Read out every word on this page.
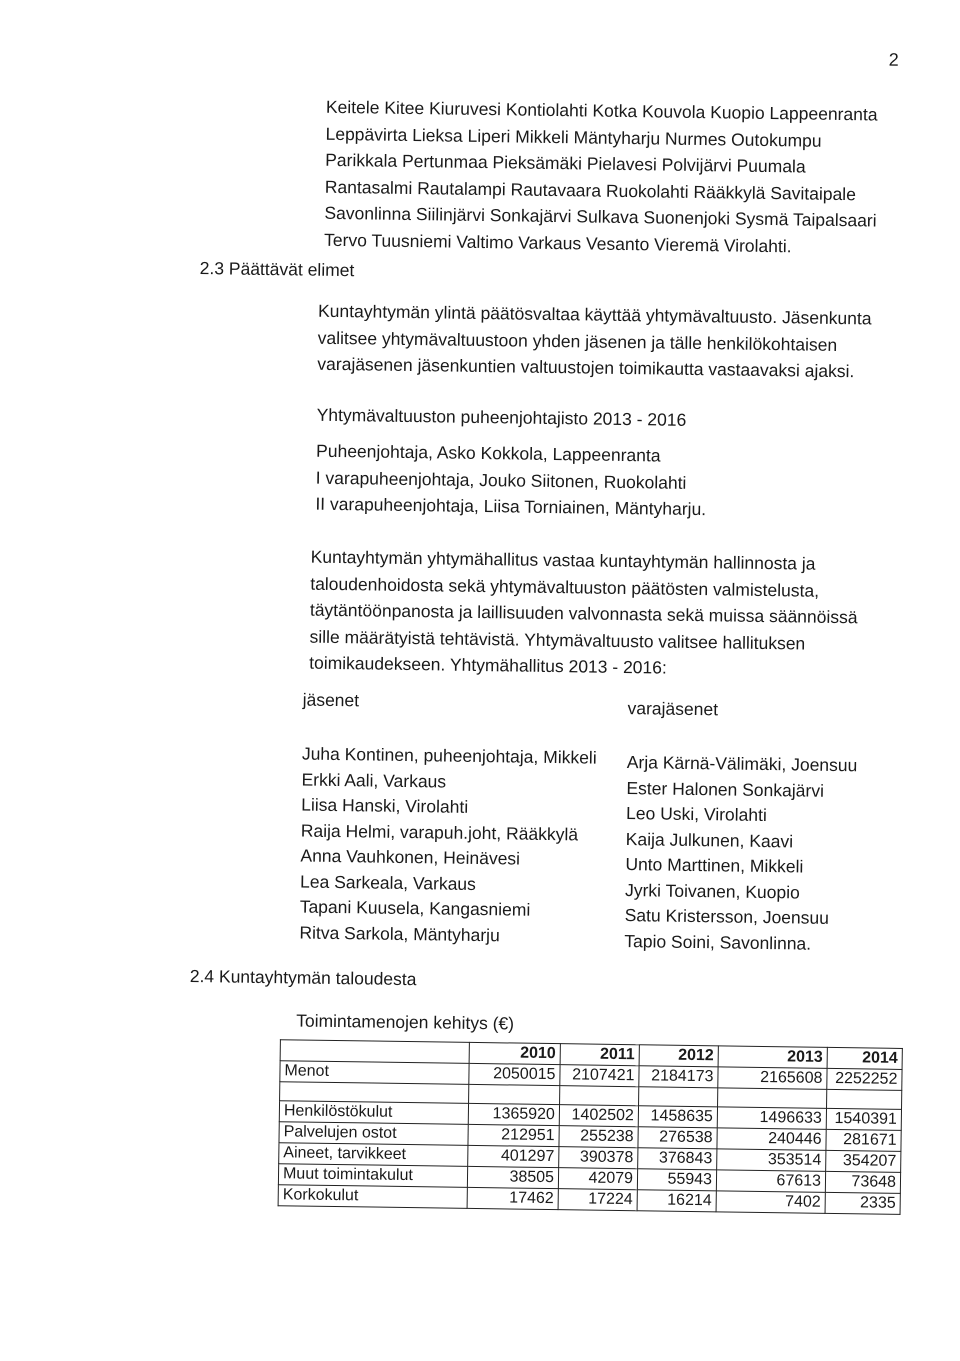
2
Keitele Kitee Kiuruvesi Kontiolahti Kotka Kouvola Kuopio Lappeenranta
Leppävirta Lieksa Liperi Mikkeli Mäntyharju Nurmes Outokumpu
Parikkala Pertunmaa Pieksämäki Pielavesi Polvijärvi Puumala
Rantasalmi Rautalampi Rautavaara Ruokolahti Rääkkylä Savitaipale
Savonlinna Siilinjärvi Sonkajärvi Sulkava Suonenjoki Sysmä Taipalsaari
Tervo Tuusniemi Valtimo Varkaus Vesanto Vieremä Virolahti.
2.3 Päättävät elimet
Kuntayhtymän ylintä päätösvaltaa käyttää yhtymävaltuusto. Jäsenkunta
valitsee yhtymävaltuustoon yhden jäsenen ja tälle henkilökohtaisen
varajäsenen jäsenkuntien valtuustojen toimikautta vastaavaksi ajaksi.
Yhtymävaltuuston puheenjohtajisto 2013 - 2016
Puheenjohtaja, Asko Kokkola, Lappeenranta
I varapuheenjohtaja, Jouko Siitonen, Ruokolahti
II varapuheenjohtaja, Liisa Torniainen, Mäntyharju.
Kuntayhtymän yhtymähallitus vastaa kuntayhtymän hallinnosta ja
taloudenhoidosta sekä yhtymävaltuuston päätösten valmistelusta,
täytäntöönpanosta ja laillisuuden valvonnasta sekä muissa säännöissä
sille määrätyistä tehtävistä. Yhtymävaltuusto valitsee hallituksen
toimikaudekseen. Yhtymähallitus 2013 - 2016:
jäsenet	varajäsenet
Juha Kontinen, puheenjohtaja, Mikkeli
Erkki Aali, Varkaus
Liisa Hanski, Virolahti
Raija Helmi, varapuh.joht, Rääkkylä
Anna Vauhkonen, Heinävesi
Lea Sarkeala, Varkaus
Tapani Kuusela, Kangasniemi
Ritva Sarkola, Mäntyharju
Arja Kärnä-Välimäki, Joensuu
Ester Halonen Sonkajärvi
Leo Uski, Virolahti
Kaija Julkunen, Kaavi
Unto Marttinen, Mikkeli
Jyrki Toivanen, Kuopio
Satu Kristersson, Joensuu
Tapio Soini, Savonlinna.
2.4 Kuntayhtymän taloudesta
Toimintamenojen kehitys (€)
	2010	2011	2012	2013	2014
Menot	2050015	2107421	2184173	2165608	2252252

Henkilöstökulut	1365920	1402502	1458635	1496633	1540391
Palvelujen ostot	212951	255238	276538	240446	281671
Aineet, tarvikkeet	401297	390378	376843	353514	354207
Muut toimintakulut	38505	42079	55943	67613	73648
Korkokulut	17462	17224	16214	7402	2335
